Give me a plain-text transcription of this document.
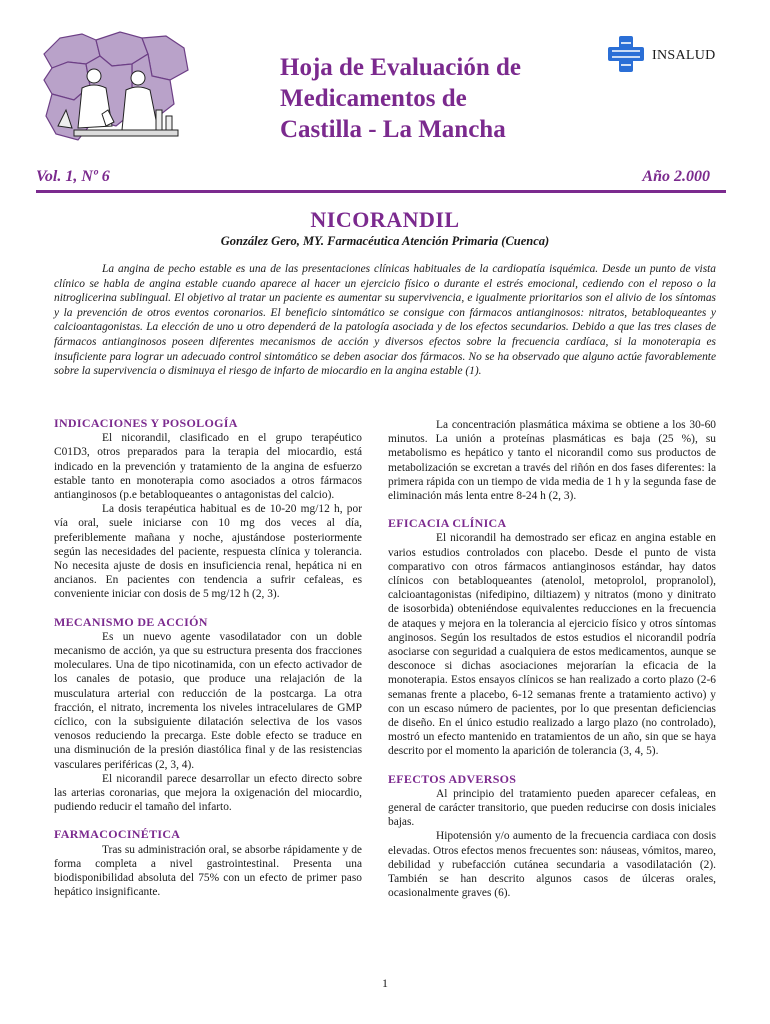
Hoja de Evaluación de
Medicamentos de
Castilla - La Mancha
INSALUD
Vol. 1, Nº 6	Año 2.000
NICORANDIL
González Gero, MY. Farmacéutica Atención Primaria (Cuenca)

La angina de pecho estable es una de las presentaciones clínicas habituales de la cardiopatía isquémica. Desde un punto de vista clínico se habla de angina estable cuando aparece al hacer un ejercicio físico o durante el estrés emocional, cediendo con el reposo o la nitroglicerina sublingual. El objetivo al tratar un paciente es aumentar su supervivencia, e igualmente prioritarios son el alivio de los síntomas y la prevención de otros eventos coronarios. El beneficio sintomático se consigue con fármacos antianginosos: nitratos, betabloqueantes y calcioantagonistas. La elección de uno u otro dependerá de la patología asociada y de los efectos secundarios. Debido a que las tres clases de fármacos antianginosos poseen diferentes mecanismos de acción y diversos efectos sobre la frecuencia cardíaca, si la monoterapia es insuficiente para lograr un adecuado control sintomático se deben asociar dos fármacos. No se ha observado que alguno actúe favorablemente sobre la supervivencia o disminuya el riesgo de infarto de miocardio en la angina estable (1).

INDICACIONES Y POSOLOGÍA

El nicorandil, clasificado en el grupo terapéutico C01D3, otros preparados para la terapia del miocardio, está indicado en la prevención y tratamiento de la angina de esfuerzo estable tanto en monoterapia como asociados a otros fármacos antianginosos (p.e betabloqueantes o antagonistas del calcio).

La dosis terapéutica habitual es de 10-20 mg/12 h, por vía oral, suele iniciarse con 10 mg dos veces al día, preferiblemente mañana y noche, ajustándose posteriormente según las necesidades del paciente, respuesta clínica y tolerancia. No necesita ajuste de dosis en insuficiencia renal, hepática ni en ancianos. En pacientes con tendencia a sufrir cefaleas, es conveniente iniciar con dosis de 5 mg/12 h (2, 3).

MECANISMO DE ACCIÓN

Es un nuevo agente vasodilatador con un doble mecanismo de acción, ya que su estructura presenta dos fracciones moleculares. Una de tipo nicotinamida, con un efecto activador de los canales de potasio, que produce una relajación de la musculatura arterial con reducción de la postcarga. La otra fracción, el nitrato, incrementa los niveles intracelulares de GMP cíclico, con la subsiguiente dilatación selectiva de los vasos venosos reduciendo la precarga. Este doble efecto se traduce en una disminución de la presión diastólica final y de las resistencias vasculares periféricas (2, 3, 4).

El nicorandil parece desarrollar un efecto directo sobre las arterias coronarias, que mejora la oxigenación del miocardio, pudiendo reducir el tamaño del infarto.

FARMACOCINÉTICA

Tras su administración oral, se absorbe rápidamente y de forma completa a nivel gastrointestinal. Presenta una biodisponibilidad absoluta del 75% con un efecto de primer paso hepático insignificante.

La concentración plasmática máxima se obtiene a los 30-60 minutos. La unión a proteínas plasmáticas es baja (25 %), su metabolismo es hepático y tanto el nicorandil como sus productos de metabolización se excretan a través del riñón en dos fases diferentes: la primera rápida con un tiempo de vida media de 1 h y la segunda fase de eliminación más lenta entre 8-24 h (2, 3).

EFICACIA CLÍNICA

El nicorandil ha demostrado ser eficaz en angina estable en varios estudios controlados con placebo. Desde el punto de vista comparativo con otros fármacos antianginosos estándar, hay datos clínicos con betabloqueantes (atenolol, metoprolol, propranolol), calcioantagonistas (nifedipino, diltiazem) y nitratos (mono y dinitrato de isosorbida) obteniéndose equivalentes reducciones en la frecuencia de ataques y mejora en la tolerancia al ejercicio físico y otros síntomas anginosos. Según los resultados de estos estudios el nicorandil podría asociarse con seguridad a cualquiera de estos medicamentos, aunque se desconoce si dichas asociaciones mejorarían la eficacia de la monoterapia. Estos ensayos clínicos se han realizado a corto plazo (2-6 semanas frente a placebo, 6-12 semanas frente a tratamiento activo) y con un escaso número de pacientes, por lo que presentan deficiencias de diseño. En el único estudio realizado a largo plazo (no controlado), mostró un efecto mantenido en tratamientos de un año, sin que se haya descrito por el momento la aparición de tolerancia (3, 4, 5).

EFECTOS ADVERSOS

Al principio del tratamiento pueden aparecer cefaleas, en general de carácter transitorio, que pueden reducirse con dosis iniciales bajas.

Hipotensión y/o aumento de la frecuencia cardiaca con dosis elevadas. Otros efectos menos frecuentes son: náuseas, vómitos, mareo, debilidad y rubefacción cutánea secundaria a vasodilatación (2). También se han descrito algunos casos de úlceras orales, ocasionalmente graves (6).

1
